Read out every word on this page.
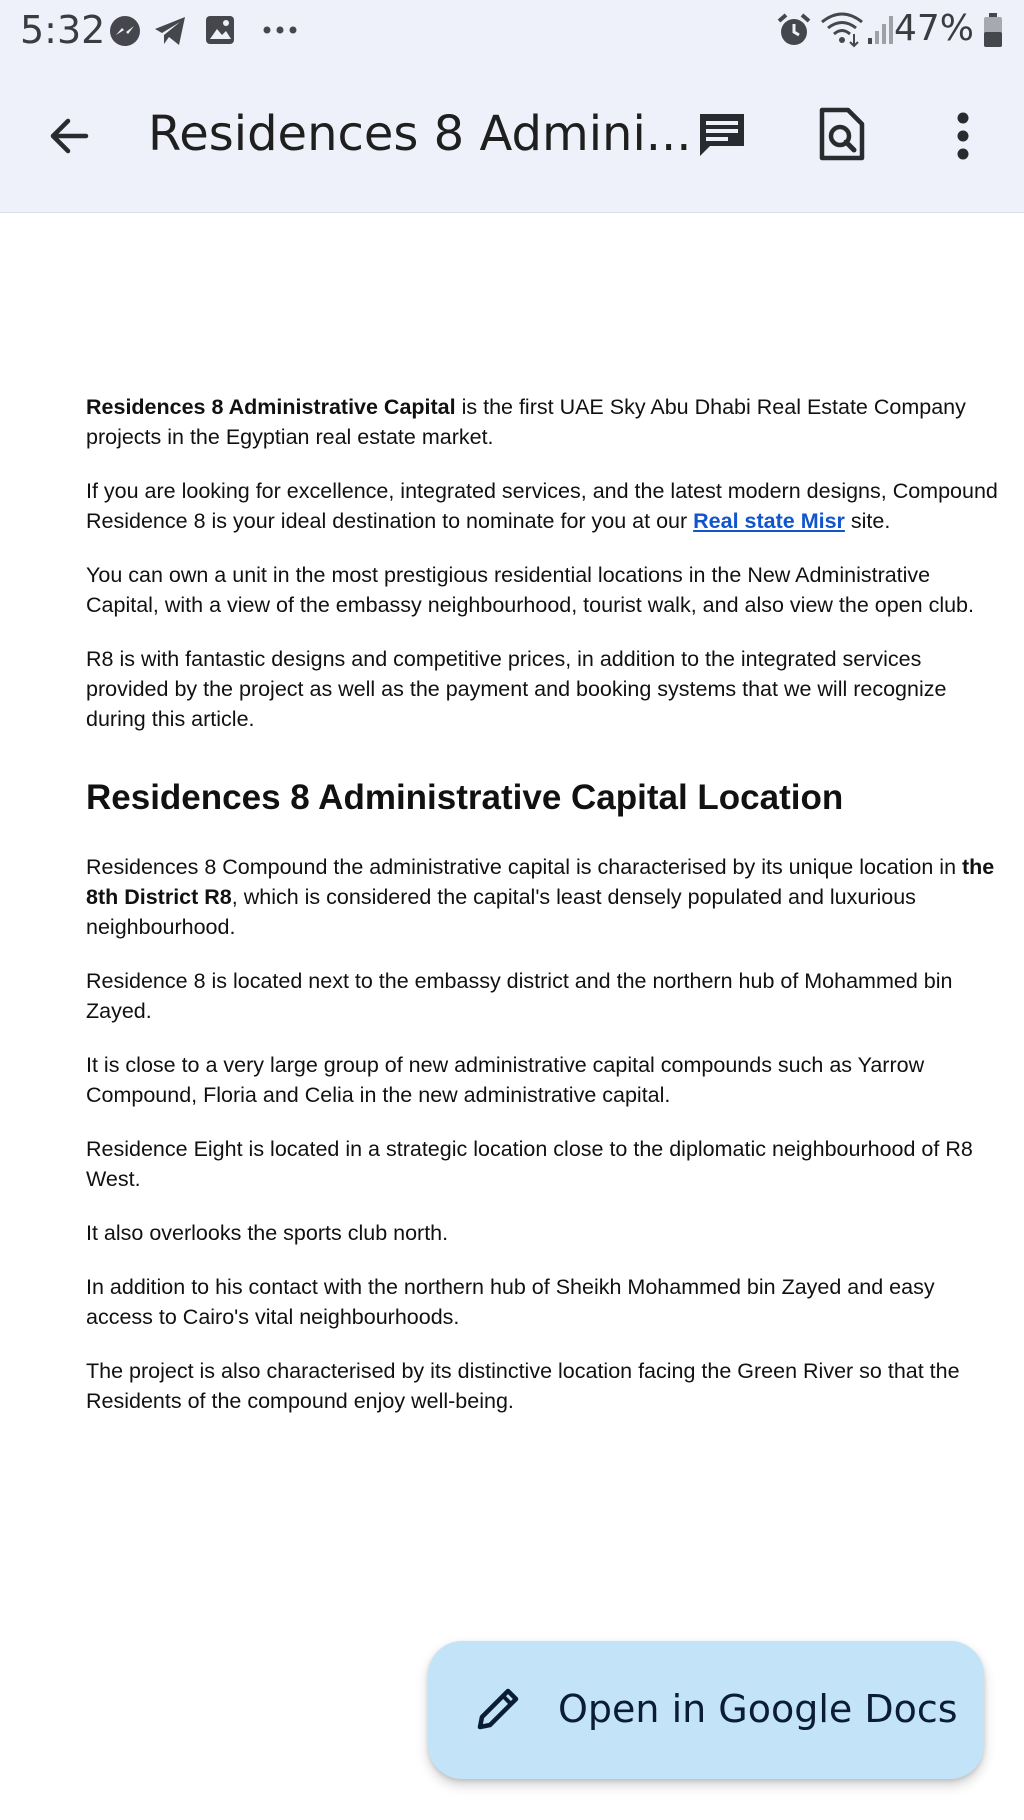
5:32	47%
Residences 8 Admini...

Residences 8 Administrative Capital is the first UAE Sky Abu Dhabi Real Estate Company projects in the Egyptian real estate market.

If you are looking for excellence, integrated services, and the latest modern designs, Compound Residence 8 is your ideal destination to nominate for you at our Real state Misr site.

You can own a unit in the most prestigious residential locations in the New Administrative Capital, with a view of the embassy neighbourhood, tourist walk, and also view the open club.

R8 is with fantastic designs and competitive prices, in addition to the integrated services provided by the project as well as the payment and booking systems that we will recognize during this article.

Residences 8 Administrative Capital Location

Residences 8 Compound the administrative capital is characterised by its unique location in the 8th District R8, which is considered the capital's least densely populated and luxurious neighbourhood.

Residence 8 is located next to the embassy district and the northern hub of Mohammed bin Zayed.

It is close to a very large group of new administrative capital compounds such as Yarrow Compound, Floria and Celia in the new administrative capital.

Residence Eight is located in a strategic location close to the diplomatic neighbourhood of R8 West.

It also overlooks the sports club north.

In addition to his contact with the northern hub of Sheikh Mohammed bin Zayed and easy access to Cairo's vital neighbourhoods.

The project is also characterised by its distinctive location facing the Green River so that the Residents of the compound enjoy well-being.

Open in Google Docs
